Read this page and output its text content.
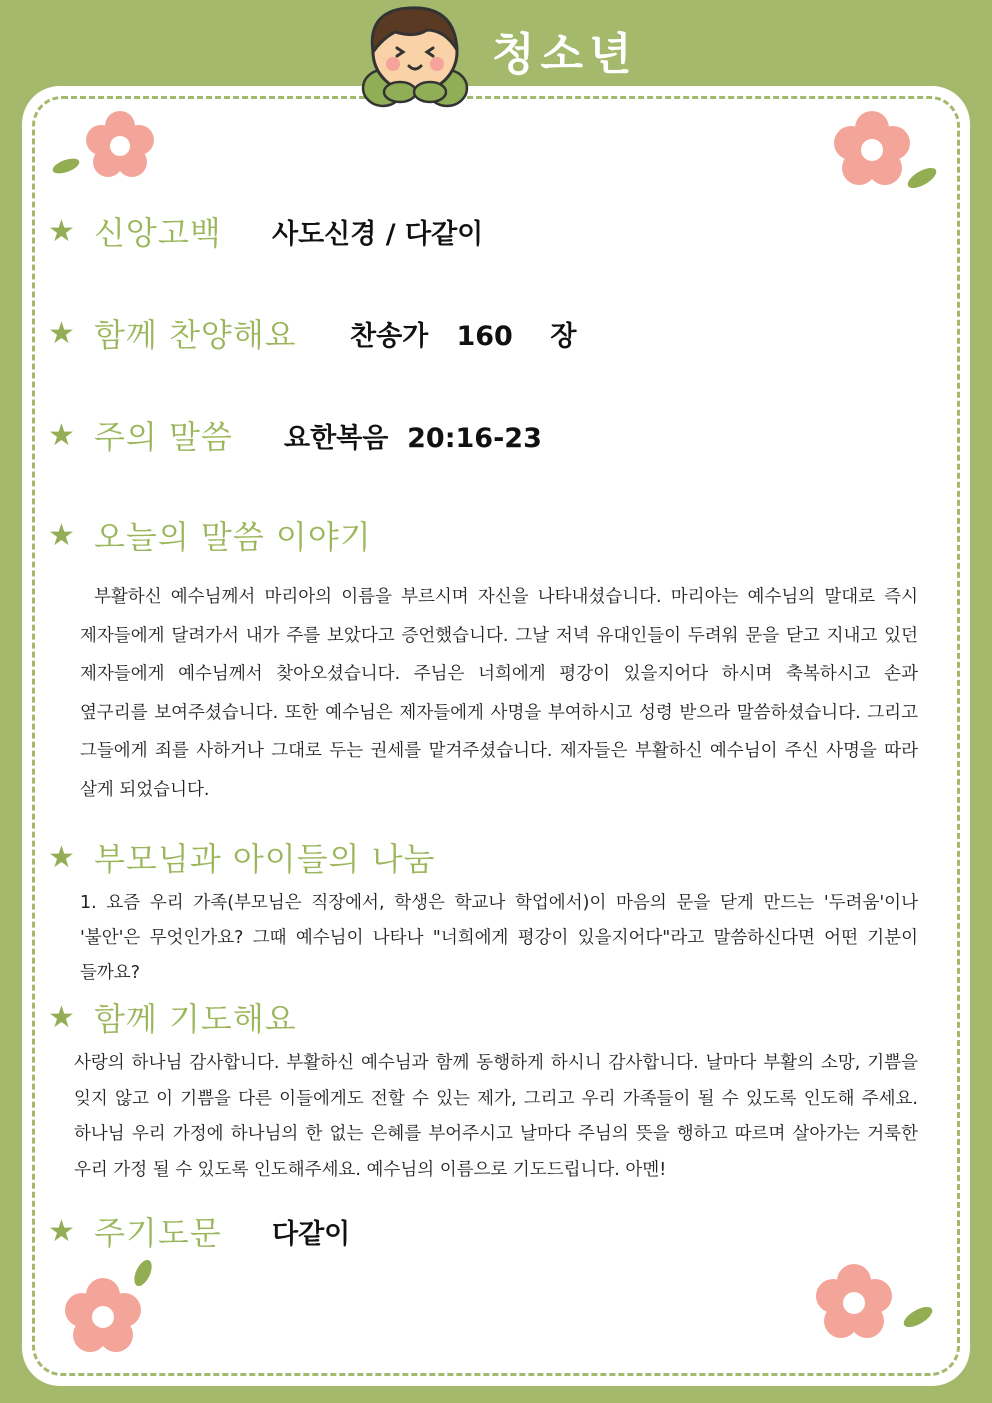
청소년
★ 신앙고백 사도신경 / 다같이
★ 함께 찬양해요 찬송가   160    장
★ 주의 말씀 요한복음  20:16-23
★ 오늘의 말씀 이야기
부활하신 예수님께서 마리아의 이름을 부르시며 자신을 나타내셨습니다. 마리아는 예수님의 말대로 즉시 제자들에게 달려가서 내가 주를 보았다고 증언했습니다. 그날 저녁 유대인들이 두려워 문을 닫고 지내고 있던 제자들에게 예수님께서 찾아오셨습니다. 주님은 너희에게 평강이 있을지어다 하시며 축복하시고 손과 옆구리를 보여주셨습니다. 또한 예수님은 제자들에게 사명을 부여하시고 성령 받으라 말씀하셨습니다. 그리고 그들에게 죄를 사하거나 그대로 두는 권세를 맡겨주셨습니다. 제자들은 부활하신 예수님이 주신 사명을 따라 살게 되었습니다.
★ 부모님과 아이들의 나눔
1. 요즘 우리 가족(부모님은 직장에서, 학생은 학교나 학업에서)이 마음의 문을 닫게 만드는 '두려움'이나 '불안'은 무엇인가요? 그때 예수님이 나타나 "너희에게 평강이 있을지어다"라고 말씀하신다면 어떤 기분이 들까요?
★ 함께 기도해요
사랑의 하나님 감사합니다. 부활하신 예수님과 함께 동행하게 하시니 감사합니다. 날마다 부활의 소망, 기쁨을 잊지 않고 이 기쁨을 다른 이들에게도 전할 수 있는 제가, 그리고 우리 가족들이 될 수 있도록 인도해 주세요. 하나님 우리 가정에 하나님의 한 없는 은혜를 부어주시고 날마다 주님의 뜻을 행하고 따르며 살아가는 거룩한 우리 가정 될 수 있도록 인도해주세요. 예수님의 이름으로 기도드립니다. 아멘!
★ 주기도문 다같이
